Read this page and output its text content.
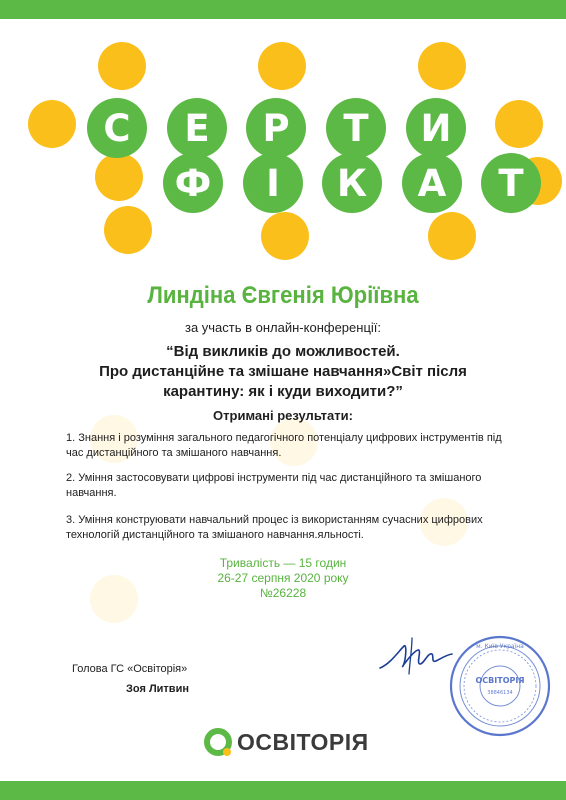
С Е Р Т И
Ф І К А Т
Линдіна Євгенія Юріївна
за участь в онлайн-конференції:
“Від викликів до можливостей.
Про дистанційне та змішане навчання»Світ після
карантину: як і куди виходити?”
Отримані результати:
1. Знання і розуміння загального педагогічного потенціалу цифрових інструментів під час дистанційного та змішаного навчання.
2. Уміння застосовувати цифрові інструменти під час дистанційного та змішаного навчання.
3. Уміння конструювати навчальний процес із використанням сучасних цифрових технологій дистанційного та змішаного навчання.яльності.
Тривалість — 15 годин
26-27 серпня 2020 року
№26228
Голова ГС «Освіторія»
Зоя Литвин
ОСВІТОРІЯ
38846134
м. Київ Україна
ОСВІТОРІЯ
